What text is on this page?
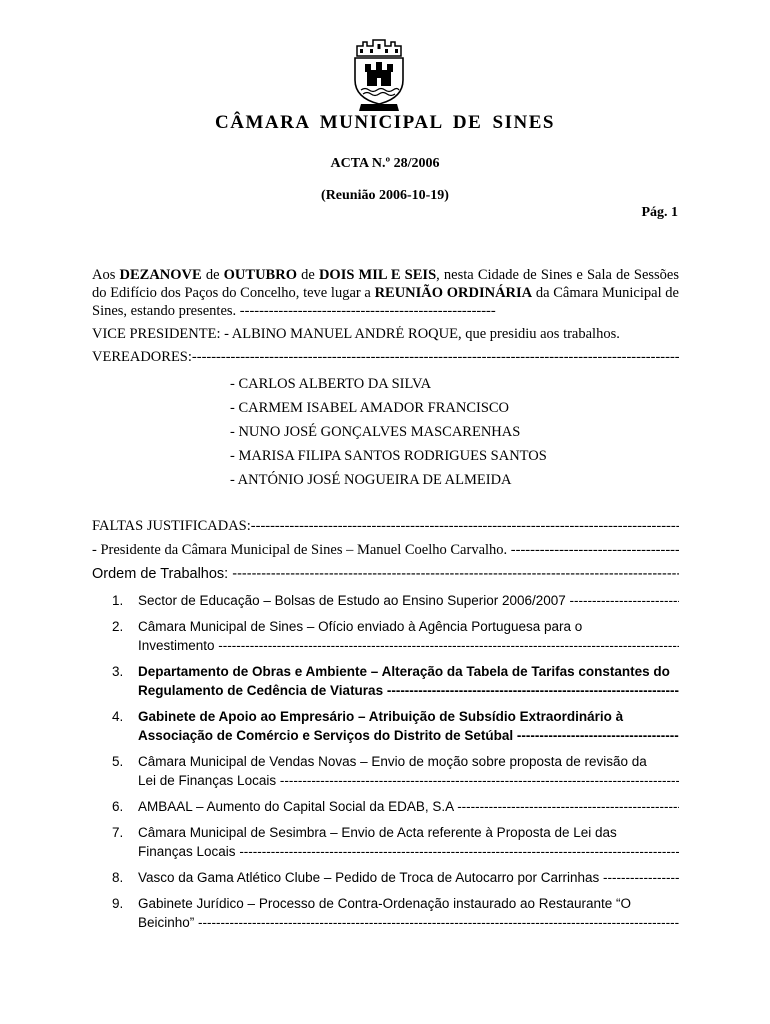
CÂMARA MUNICIPAL DE SINES
ACTA N.º 28/2006
(Reunião 2006-10-19)
Pág. 1
Aos DEZANOVE de OUTUBRO de DOIS MIL E SEIS, nesta Cidade de Sines e Sala de Sessões do Edifício dos Paços do Concelho, teve lugar a REUNIÃO ORDINÁRIA da Câmara Municipal de Sines, estando presentes. -----------------------------------------------------
VICE PRESIDENTE: - ALBINO MANUEL ANDRÉ ROQUE, que presidiu aos trabalhos.
VEREADORES: -----
- CARLOS ALBERTO DA SILVA
- CARMEM ISABEL AMADOR FRANCISCO
- NUNO JOSÉ GONÇALVES MASCARENHAS
- MARISA FILIPA SANTOS RODRIGUES SANTOS
- ANTÓNIO JOSÉ NOGUEIRA DE ALMEIDA
FALTAS JUSTIFICADAS: -----
- Presidente da Câmara Municipal de Sines – Manuel Coelho Carvalho. -----
Ordem de Trabalhos:  -----
1. Sector de Educação – Bolsas de Estudo ao Ensino Superior 2006/2007 -----
2. Câmara Municipal de Sines – Ofício enviado à Agência Portuguesa para o
Investimento -----
3. Departamento de Obras e Ambiente – Alteração da Tabela de Tarifas constantes do
Regulamento de Cedência de Viaturas -----
4. Gabinete de Apoio ao Empresário – Atribuição de Subsídio Extraordinário à
Associação de Comércio e Serviços do Distrito de Setúbal -----
5. Câmara Municipal de Vendas Novas – Envio de moção sobre proposta de revisão da
Lei de Finanças Locais -----
6. AMBAAL – Aumento do Capital Social da EDAB, S.A -----
7. Câmara Municipal de Sesimbra – Envio de Acta referente à Proposta de Lei das
Finanças Locais -----
8. Vasco da Gama Atlético Clube – Pedido de Troca de Autocarro por Carrinhas -----
9. Gabinete Jurídico – Processo de Contra-Ordenação instaurado ao Restaurante “O
Beicinho” -----
